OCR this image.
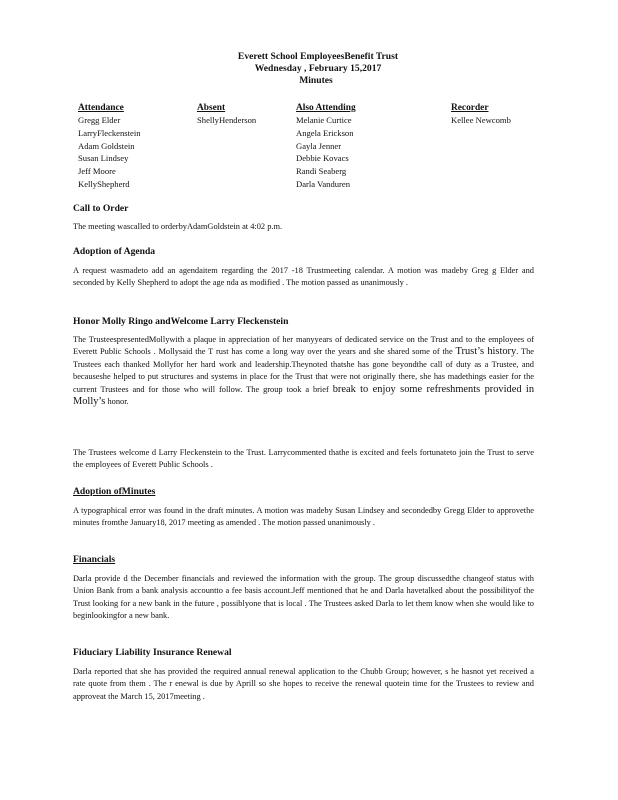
Everett School EmployeesBenefit Trust
Wednesday , February 15,2017
Minutes
Attendance
Gregg Elder
LarryFleckenstein
Adam Goldstein
Susan Lindsey
Jeff Moore
KellyShepherd
Absent
ShellyHenderson
Also Attending
Melanie Curtice
Angela Erickson
Gayla Jenner
Debbie Kovacs
Randi Seaberg
Darla Vanduren
Recorder
Kellee Newcomb
Call to Order
The meeting wascalled to orderbyAdamGoldstein at 4:02 p.m.
Adoption of Agenda
A request wasmadeto add an agendaitem regarding the 2017 -18 Trustmeeting calendar. A motion was madeby Greg g Elder and seconded by Kelly Shepherd to adopt the age nda as modified . The motion passed as unanimously .
Honor Molly Ringo andWelcome Larry Fleckenstein
The TrusteespresentedMollywith a plaque in appreciation of her manyyears of dedicated service on the Trust and to the employees of Everett Public Schools . Mollysaid the T rust has come a long way over the years and she shared some of the Trust’s history. The Trustees each thanked Mollyfor her hard work and leadership.Theynoted thatshe has gone beyondthe call of duty as a Trustee, and becauseshe helped to put structures and systems in place for the Trust that were not originally there, she has madethings easier for the current Trustees and for those who will follow. The group took a brief break to enjoy some refreshments provided in Molly’s honor.
The Trustees welcome d Larry Fleckenstein to the Trust. Larrycommented thathe is excited and feels fortunateto join the Trust to serve the employees of Everett Public Schools .
Adoption ofMinutes
A typographical error was found in the draft minutes. A motion was madeby Susan Lindsey and secondedby Gregg Elder to approvethe minutes fromthe January18, 2017 meeting as amended . The motion passed unanimously .
Financials
Darla provide d the December financials and reviewed the information with the group. The group discussedthe changeof status with Union Bank from a bank analysis accountto a fee basis account.Jeff mentioned that he and Darla havetalked about the possibilityof the Trust looking for a new bank in the future , possiblyone that is local . The Trustees asked Darla to let them know when she would like to beginlookingfor a new bank.
Fiduciary Liability Insurance Renewal
Darla reported that she has provided the required annual renewal application to the Chubb Group; however, s he hasnot yet received a rate quote from them . The r enewal is due by Aprill so she hopes to receive the renewal quotein time for the Trustees to review and approveat the March 15, 2017meeting .
